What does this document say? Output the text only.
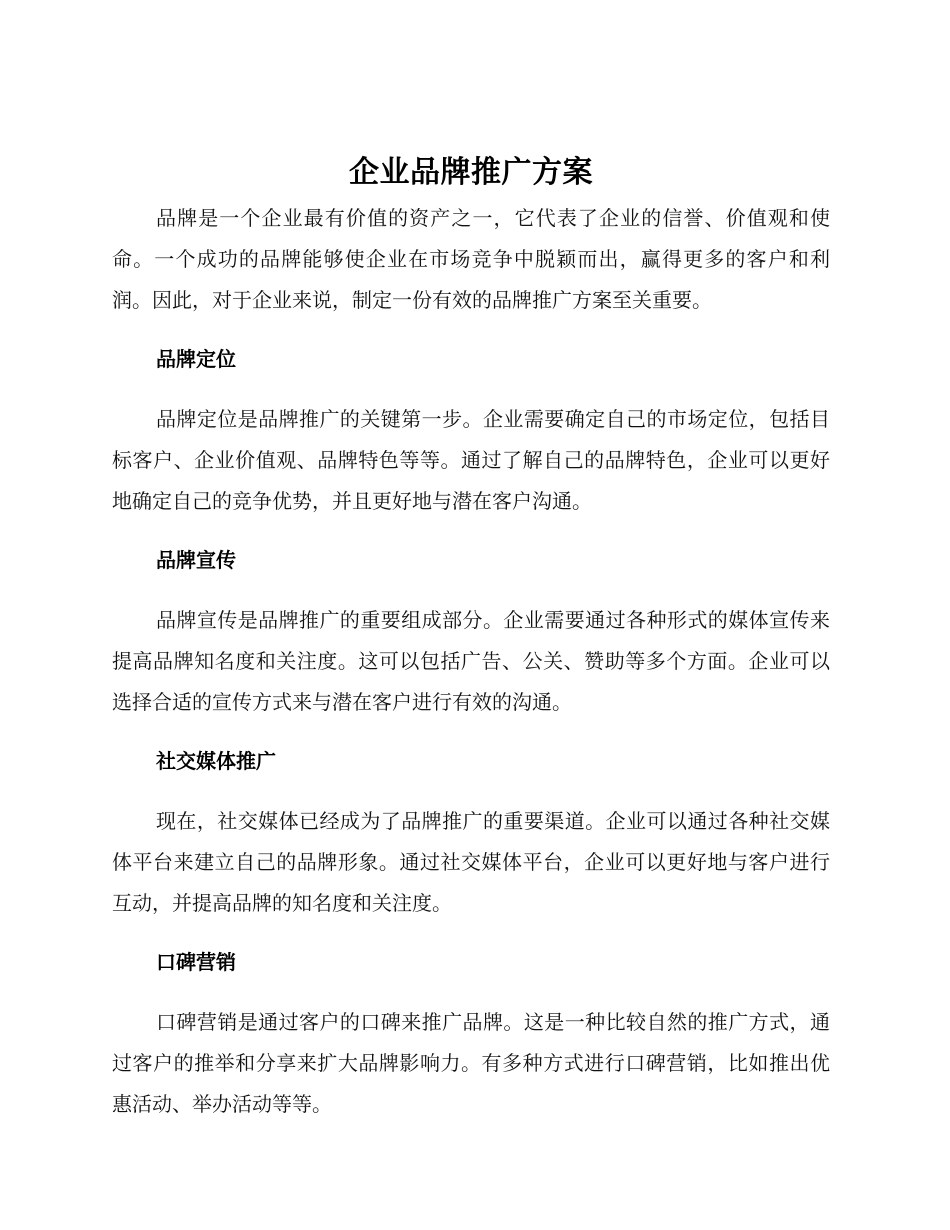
企业品牌推广方案

品牌是一个企业最有价值的资产之一，它代表了企业的信誉、价值观和使命。一个成功的品牌能够使企业在市场竞争中脱颖而出，赢得更多的客户和利润。因此，对于企业来说，制定一份有效的品牌推广方案至关重要。

品牌定位

品牌定位是品牌推广的关键第一步。企业需要确定自己的市场定位，包括目标客户、企业价值观、品牌特色等等。通过了解自己的品牌特色，企业可以更好地确定自己的竞争优势，并且更好地与潜在客户沟通。

品牌宣传

品牌宣传是品牌推广的重要组成部分。企业需要通过各种形式的媒体宣传来提高品牌知名度和关注度。这可以包括广告、公关、赞助等多个方面。企业可以选择合适的宣传方式来与潜在客户进行有效的沟通。

社交媒体推广

现在，社交媒体已经成为了品牌推广的重要渠道。企业可以通过各种社交媒体平台来建立自己的品牌形象。通过社交媒体平台，企业可以更好地与客户进行互动，并提高品牌的知名度和关注度。

口碑营销

口碑营销是通过客户的口碑来推广品牌。这是一种比较自然的推广方式，通过客户的推举和分享来扩大品牌影响力。有多种方式进行口碑营销，比如推出优惠活动、举办活动等等。
